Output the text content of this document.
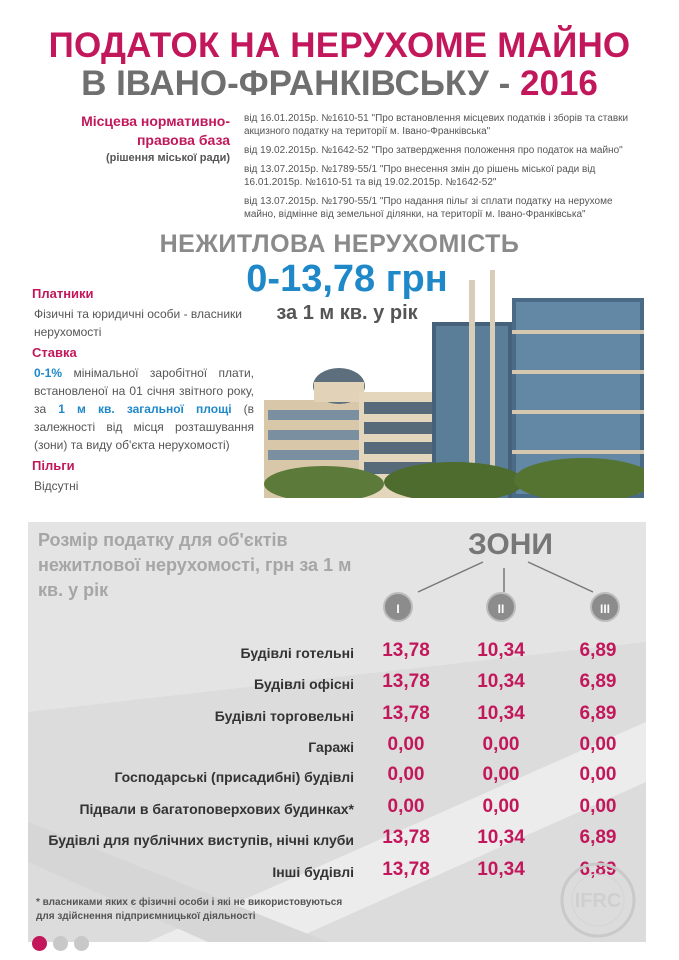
ПОДАТОК НА НЕРУХОМЕ МАЙНО
В ІВАНО-ФРАНКІВСЬКУ - 2016
Місцева нормативно-правова база
(рішення міської ради)

від 16.01.2015р. №1610-51 "Про встановлення місцевих податків і зборів та ставки акцизного податку на території м. Івано-Франківська"

від 19.02.2015р. №1642-52 "Про затвердження положення про податок на майно"

від 13.07.2015р. №1789-55/1 "Про внесення змін до рішень міської ради від 16.01.2015р. №1610-51 та від 19.02.2015р. №1642-52"

від 13.07.2015р. №1790-55/1 "Про надання пільг зі сплати податку на нерухоме майно, відмінне від земельної ділянки, на території м. Івано-Франківська"

НЕЖИТЛОВА НЕРУХОМІСТЬ
0-13,78 грн
за 1 м кв. у рік
Платники
Фізичні та юридичні особи - власники нерухомості
Ставка
0-1% мінімальної заробітної плати, встановленої на 01 січня звітного року, за 1 м кв. загальної площі (в залежності від місця розташування (зони) та виду об'єкта нерухомості)
Пільги
Відсутні
Розмір податку для об'єктів нежитлової нерухомості, грн за 1 м кв. у рік
ЗОНИ
I	II	III
Будівлі готельні	13,78	10,34	6,89
Будівлі офісні	13,78	10,34	6,89
Будівлі торговельні	13,78	10,34	6,89
Гаражі	0,00	0,00	0,00
Господарські (присадибні) будівлі	0,00	0,00	0,00
Підвали в багатоповерхових будинках*	0,00	0,00	0,00
Будівлі для публічних виступів, нічні клуби	13,78	10,34	6,89
Інші будівлі	13,78	10,34	6,89
* власниками яких є фізичні особи і які не використовуються для здійснення підприємницької діяльності
IFRC
